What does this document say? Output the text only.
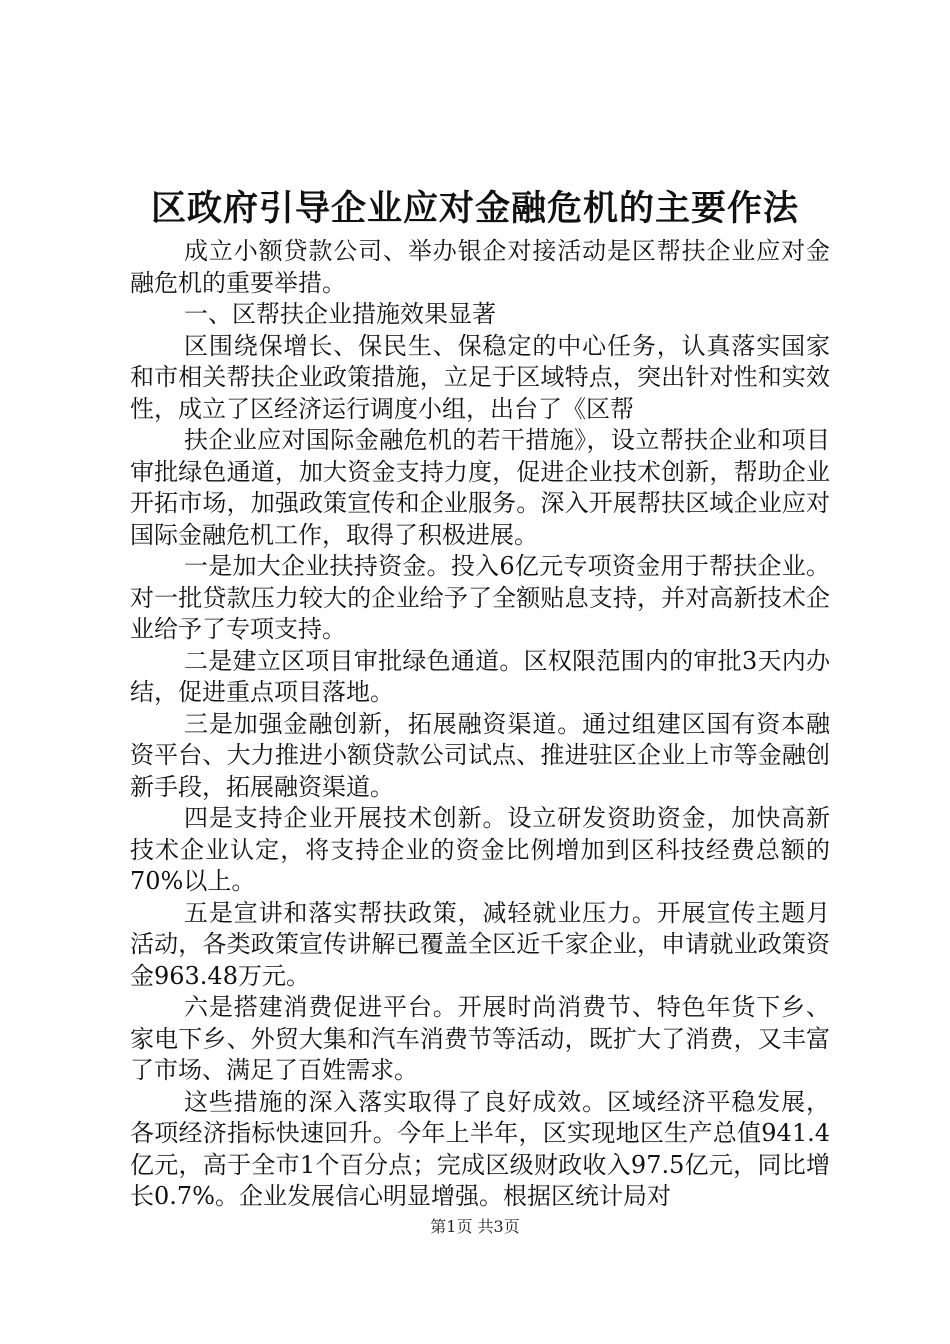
区政府引导企业应对金融危机的主要作法

成立小额贷款公司、举办银企对接活动是区帮扶企业应对金融危机的重要举措。

一、区帮扶企业措施效果显著

区围绕保增长、保民生、保稳定的中心任务，认真落实国家和市相关帮扶企业政策措施，立足于区域特点，突出针对性和实效性，成立了区经济运行调度小组，出台了《区帮

扶企业应对国际金融危机的若干措施》，设立帮扶企业和项目审批绿色通道，加大资金支持力度，促进企业技术创新，帮助企业开拓市场，加强政策宣传和企业服务。深入开展帮扶区域企业应对国际金融危机工作，取得了积极进展。

一是加大企业扶持资金。投入6亿元专项资金用于帮扶企业。对一批贷款压力较大的企业给予了全额贴息支持，并对高新技术企业给予了专项支持。

二是建立区项目审批绿色通道。区权限范围内的审批3天内办结，促进重点项目落地。

三是加强金融创新，拓展融资渠道。通过组建区国有资本融资平台、大力推进小额贷款公司试点、推进驻区企业上市等金融创新手段，拓展融资渠道。

四是支持企业开展技术创新。设立研发资助资金，加快高新技术企业认定，将支持企业的资金比例增加到区科技经费总额的70%以上。

五是宣讲和落实帮扶政策，减轻就业压力。开展宣传主题月活动，各类政策宣传讲解已覆盖全区近千家企业，申请就业政策资金963.48万元。

六是搭建消费促进平台。开展时尚消费节、特色年货下乡、家电下乡、外贸大集和汽车消费节等活动，既扩大了消费，又丰富了市场、满足了百姓需求。

这些措施的深入落实取得了良好成效。区域经济平稳发展，各项经济指标快速回升。今年上半年，区实现地区生产总值941.4亿元，高于全市1个百分点；完成区级财政收入97.5亿元，同比增长0.7%。企业发展信心明显增强。根据区统计局对

第1页 共3页
